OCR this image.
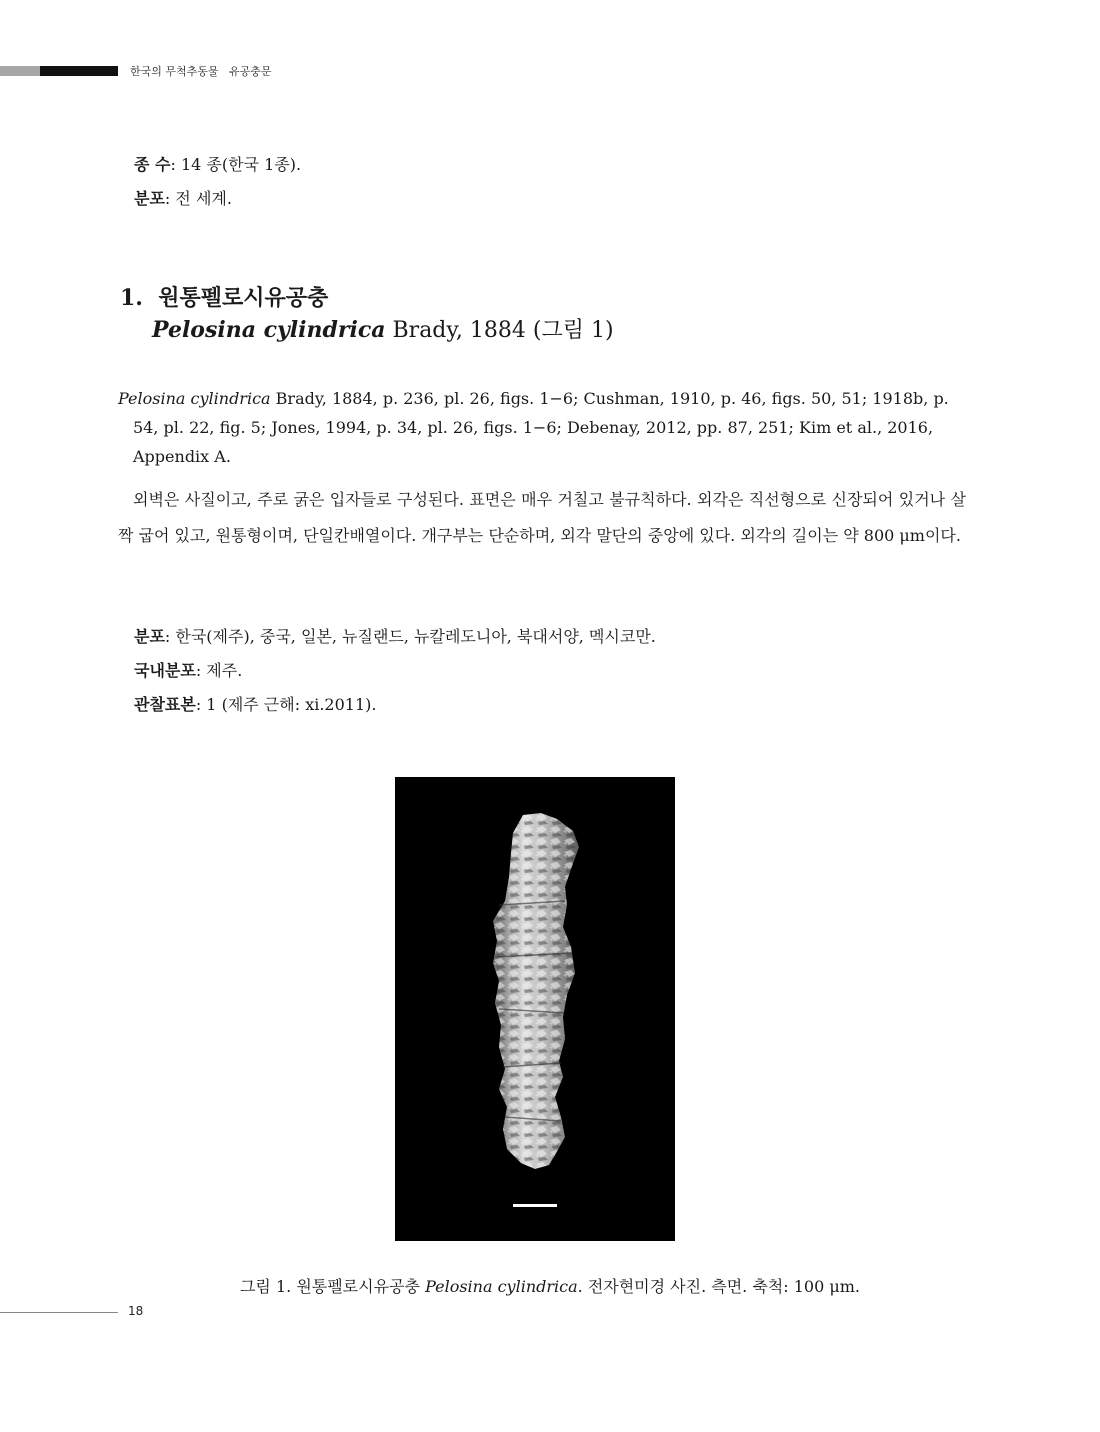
한국의 무척추동물   유공충문
종 수: 14 종(한국 1종).
분포: 전 세계.
1. 원통펠로시유공충
Pelosina cylindrica Brady, 1884 (그림 1)
Pelosina cylindrica Brady, 1884, p. 236, pl. 26, figs. 1−6; Cushman, 1910, p. 46, figs. 50, 51; 1918b, p. 54, pl. 22, fig. 5; Jones, 1994, p. 34, pl. 26, figs. 1−6; Debenay, 2012, pp. 87, 251; Kim et al., 2016, Appendix A.
외벽은 사질이고, 주로 굵은 입자들로 구성된다. 표면은 매우 거칠고 불규칙하다. 외각은 직선형으로 신장되어 있거나 살짝 굽어 있고, 원통형이며, 단일칸배열이다. 개구부는 단순하며, 외각 말단의 중앙에 있다. 외각의 길이는 약 800 μm이다.
분포: 한국(제주), 중국, 일본, 뉴질랜드, 뉴칼레도니아, 북대서양, 멕시코만.
국내분포: 제주.
관찰표본: 1 (제주 근해: xi.2011).
그림 1. 원통펠로시유공충 Pelosina cylindrica. 전자현미경 사진. 측면. 축척: 100 μm.
18
